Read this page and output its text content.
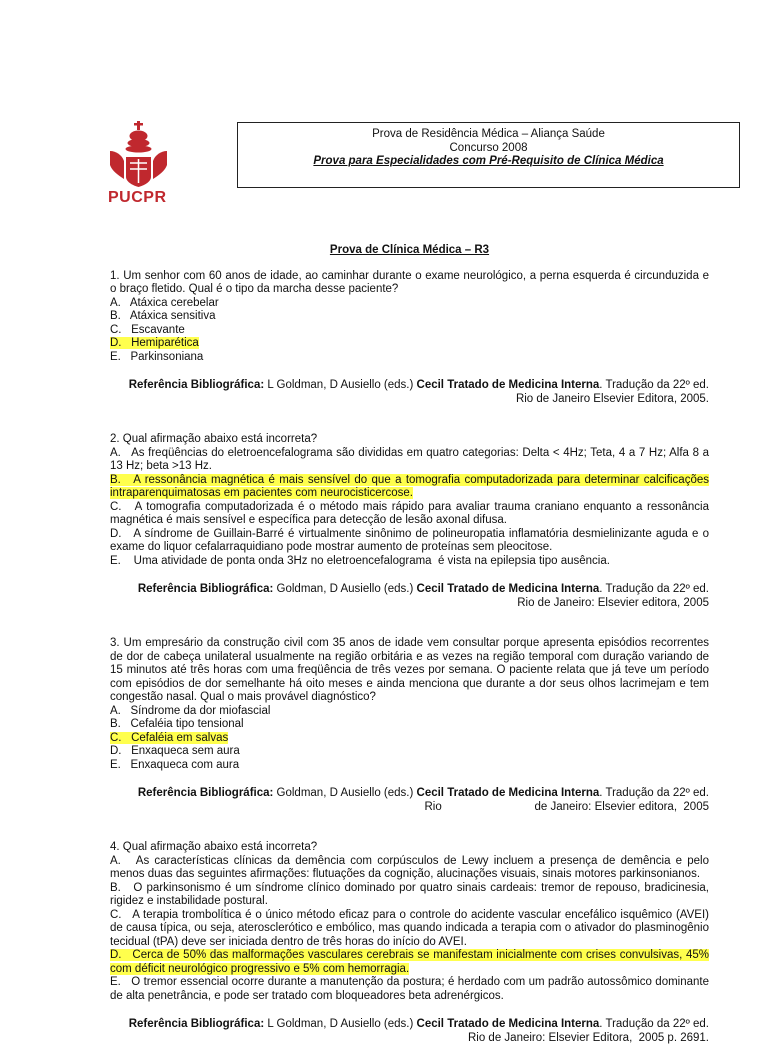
PUCPR
Prova de Residência Médica – Aliança Saúde
Concurso 2008
Prova para Especialidades com Pré-Requisito de Clínica Médica
Prova de Clínica Médica – R3
1. Um senhor com 60 anos de idade, ao caminhar durante o exame neurológico, a perna esquerda é circunduzida e o braço fletido. Qual é o tipo da marcha desse paciente?
A.   Atáxica cerebelar
B.   Atáxica sensitiva
C.   Escavante
D.   Hemiparética
E.   Parkinsoniana
Referência Bibliográfica: L Goldman, D Ausiello (eds.) Cecil Tratado de Medicina Interna. Tradução da 22º ed.
Rio de Janeiro Elsevier Editora, 2005.
2. Qual afirmação abaixo está incorreta?
A.   As freqüências do eletroencefalograma são divididas em quatro categorias: Delta < 4Hz; Teta, 4 a 7 Hz; Alfa 8 a 13 Hz; beta >13 Hz.
B.   A ressonância magnética é mais sensível do que a tomografia computadorizada para determinar calcificações intraparenquimatosas em pacientes com neurocisticercose.
C.   A tomografia computadorizada é o método mais rápido para avaliar trauma craniano enquanto a ressonância magnética é mais sensível e específica para detecção de lesão axonal difusa.
D.   A síndrome de Guillain-Barré é virtualmente sinônimo de polineuropatia inflamatória desmielinizante aguda e o exame do liquor cefalarraquidiano pode mostrar aumento de proteínas sem pleocitose.
E.    Uma atividade de ponta onda 3Hz no eletroencefalograma  é vista na epilepsia tipo ausência.
Referência Bibliográfica: Goldman, D Ausiello (eds.) Cecil Tratado de Medicina Interna. Tradução da 22º ed.
Rio de Janeiro: Elsevier editora, 2005
3. Um empresário da construção civil com 35 anos de idade vem consultar porque apresenta episódios recorrentes de dor de cabeça unilateral usualmente na região orbitária e as vezes na região temporal com duração variando de 15 minutos até três horas com uma freqüência de três vezes por semana. O paciente relata que já teve um período com episódios de dor semelhante há oito meses e ainda menciona que durante a dor seus olhos lacrimejam e tem congestão nasal. Qual o mais provável diagnóstico?
A.   Síndrome da dor miofascial
B.   Cefaléia tipo tensional
C.   Cefaléia em salvas
D.   Enxaqueca sem aura
E.   Enxaqueca com aura
Referência Bibliográfica: Goldman, D Ausiello (eds.) Cecil Tratado de Medicina Interna. Tradução da 22º ed.
Rio	de Janeiro: Elsevier editora,  2005
4. Qual afirmação abaixo está incorreta?
A.   As características clínicas da demência com corpúsculos de Lewy incluem a presença de demência e pelo menos duas das seguintes afirmações: flutuações da cognição, alucinações visuais, sinais motores parkinsonianos.
B.   O parkinsonismo é um síndrome clínico dominado por quatro sinais cardeais: tremor de repouso, bradicinesia, rigidez e instabilidade postural.
C.   A terapia trombolítica é o único método eficaz para o controle do acidente vascular encefálico isquêmico (AVEI) de causa típica, ou seja, aterosclerótico e embólico, mas quando indicada a terapia com o ativador do plasminogênio tecidual (tPA) deve ser iniciada dentro de três horas do início do AVEI.
D.   Cerca de 50% das malformações vasculares cerebrais se manifestam inicialmente com crises convulsivas, 45% com déficit neurológico progressivo e 5% com hemorragia.
E.   O tremor essencial ocorre durante a manutenção da postura; é herdado com um padrão autossômico dominante de alta penetrância, e pode ser tratado com bloqueadores beta adrenérgicos.
Referência Bibliográfica: L Goldman, D Ausiello (eds.) Cecil Tratado de Medicina Interna. Tradução da 22º ed.
Rio de Janeiro: Elsevier Editora,  2005 p. 2691.
